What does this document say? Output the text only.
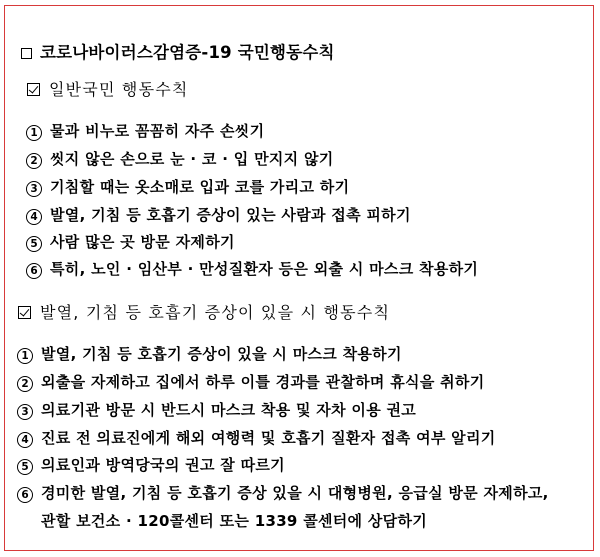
코로나바이러스감염증-19 국민행동수칙
일반국민 행동수칙
1 물과 비누로 꼼꼼히 자주 손씻기
2 씻지 않은 손으로 눈 · 코 · 입 만지지 않기
3 기침할 때는 옷소매로 입과 코를 가리고 하기
4 발열, 기침 등 호흡기 증상이 있는 사람과 접촉 피하기
5 사람 많은 곳 방문 자제하기
6 특히, 노인 · 임산부 · 만성질환자 등은 외출 시 마스크 착용하기
발열, 기침 등 호흡기 증상이 있을 시 행동수칙
1 발열, 기침 등 호흡기 증상이 있을 시 마스크 착용하기
2 외출을 자제하고 집에서 하루 이틀 경과를 관찰하며 휴식을 취하기
3 의료기관 방문 시 반드시 마스크 착용 및 자차 이용 권고
4 진료 전 의료진에게 해외 여행력 및 호흡기 질환자 접촉 여부 알리기
5 의료인과 방역당국의 권고 잘 따르기
6 경미한 발열, 기침 등 호흡기 증상 있을 시 대형병원, 응급실 방문 자제하고,
관할 보건소 · 120콜센터 또는 1339 콜센터에 상담하기
